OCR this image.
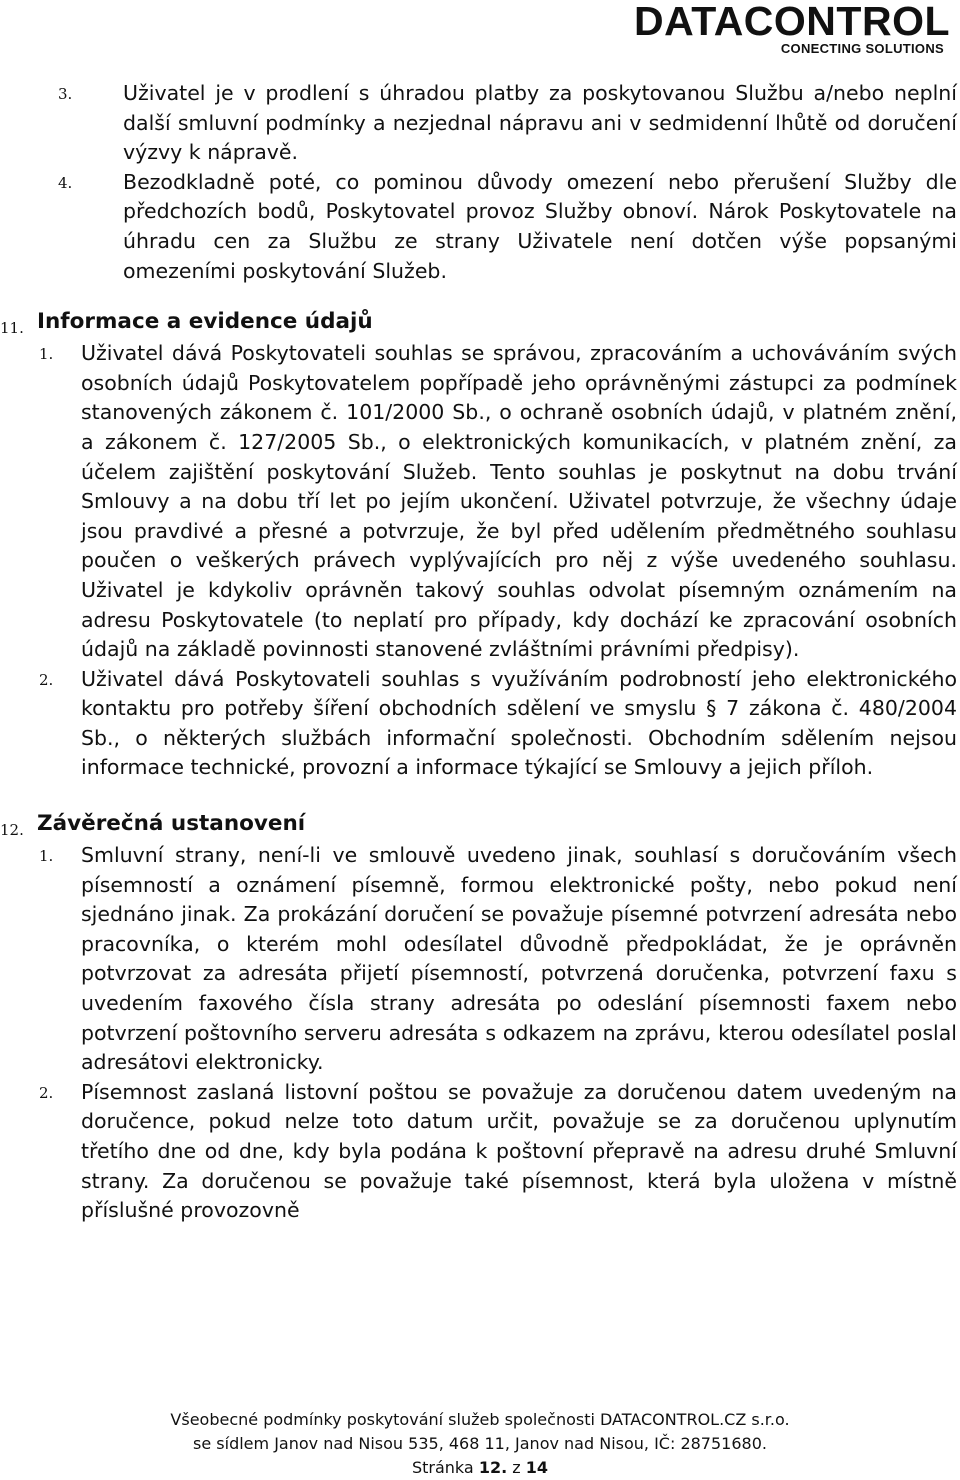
DATACONTROL
CONECTING SOLUTIONS
3. Uživatel je v prodlení s úhradou platby za poskytovanou Službu a/nebo neplní další smluvní podmínky a nezjednal nápravu ani v sedmidenní lhůtě od doručení výzvy k nápravě.

4. Bezodkladně poté, co pominou důvody omezení nebo přerušení Služby dle předchozích bodů, Poskytovatel provoz Služby obnoví. Nárok Poskytovatele na úhradu cen za Službu ze strany Uživatele není dotčen výše popsanými omezeními poskytování Služeb.

11. Informace a evidence údajů
1. Uživatel dává Poskytovateli souhlas se správou, zpracováním a uchováváním svých osobních údajů Poskytovatelem popřípadě jeho oprávněnými zástupci za podmínek stanovených zákonem č. 101/2000 Sb., o ochraně osobních údajů, v platném znění, a zákonem č. 127/2005 Sb., o elektronických komunikacích, v platném znění, za účelem zajištění poskytování Služeb. Tento souhlas je poskytnut na dobu trvání Smlouvy a na dobu tří let po jejím ukončení. Uživatel potvrzuje, že všechny údaje jsou pravdivé a přesné a potvrzuje, že byl před udělením předmětného souhlasu poučen o veškerých právech vyplývajících pro něj z výše uvedeného souhlasu. Uživatel je kdykoliv oprávněn takový souhlas odvolat písemným oznámením na adresu Poskytovatele (to neplatí pro případy, kdy dochází ke zpracování osobních údajů na základě povinnosti stanovené zvláštními právními předpisy).

2. Uživatel dává Poskytovateli souhlas s využíváním podrobností jeho elektronického kontaktu pro potřeby šíření obchodních sdělení ve smyslu § 7 zákona č. 480/2004 Sb., o některých službách informační společnosti. Obchodním sdělením nejsou informace technické, provozní a informace týkající se Smlouvy a jejich příloh.

12. Závěrečná ustanovení
1. Smluvní strany, není-li ve smlouvě uvedeno jinak, souhlasí s doručováním všech písemností a oznámení písemně, formou elektronické pošty, nebo pokud není sjednáno jinak. Za prokázání doručení se považuje písemné potvrzení adresáta nebo pracovníka, o kterém mohl odesílatel důvodně předpokládat, že je oprávněn potvrzovat za adresáta přijetí písemností, potvrzená doručenka, potvrzení faxu s uvedením faxového čísla strany adresáta po odeslání písemnosti faxem nebo potvrzení poštovního serveru adresáta s odkazem na zprávu, kterou odesílatel poslal adresátovi elektronicky.

2. Písemnost zaslaná listovní poštou se považuje za doručenou datem uvedeným na doručence, pokud nelze toto datum určit, považuje se za doručenou uplynutím třetího dne od dne, kdy byla podána k poštovní přepravě na adresu druhé Smluvní strany. Za doručenou se považuje také písemnost, která byla uložena v místně příslušné provozovně

Všeobecné podmínky poskytování služeb společnosti DATACONTROL.CZ s.r.o.
se sídlem Janov nad Nisou 535, 468 11, Janov nad Nisou, IČ: 28751680.
Stránka 12. z 14
